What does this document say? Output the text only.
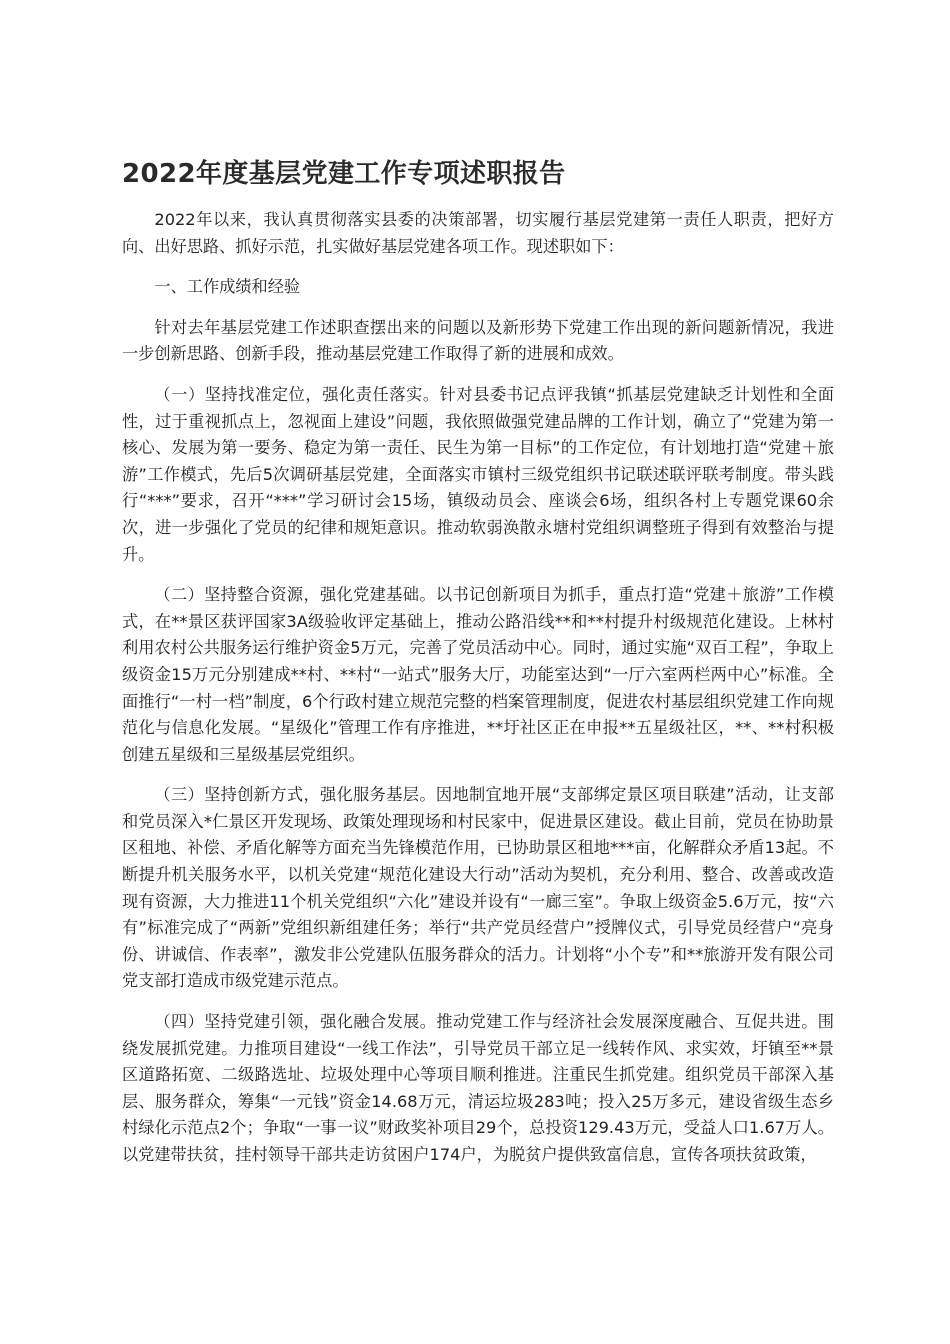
2022年度基层党建工作专项述职报告

2022年以来，我认真贯彻落实县委的决策部署，切实履行基层党建第一责任人职责，把好方向、出好思路、抓好示范，扎实做好基层党建各项工作。现述职如下：

一、工作成绩和经验

针对去年基层党建工作述职查摆出来的问题以及新形势下党建工作出现的新问题新情况，我进一步创新思路、创新手段，推动基层党建工作取得了新的进展和成效。

（一）坚持找准定位，强化责任落实。针对县委书记点评我镇“抓基层党建缺乏计划性和全面性，过于重视抓点上，忽视面上建设”问题，我依照做强党建品牌的工作计划，确立了“党建为第一核心、发展为第一要务、稳定为第一责任、民生为第一目标”的工作定位，有计划地打造“党建＋旅游”工作模式，先后5次调研基层党建，全面落实市镇村三级党组织书记联述联评联考制度。带头践行“***”要求，召开“***”学习研讨会15场，镇级动员会、座谈会6场，组织各村上专题党课60余次，进一步强化了党员的纪律和规矩意识。推动软弱涣散永塘村党组织调整班子得到有效整治与提升。

（二）坚持整合资源，强化党建基础。以书记创新项目为抓手，重点打造“党建＋旅游”工作模式，在**景区获评国家3A级验收评定基础上，推动公路沿线**和**村提升村级规范化建设。上林村利用农村公共服务运行维护资金5万元，完善了党员活动中心。同时，通过实施“双百工程”，争取上级资金15万元分别建成**村、**村“一站式”服务大厅，功能室达到“一厅六室两栏两中心”标准。全面推行“一村一档”制度，6个行政村建立规范完整的档案管理制度，促进农村基层组织党建工作向规范化与信息化发展。“星级化”管理工作有序推进，**圩社区正在申报**五星级社区，**、**村积极创建五星级和三星级基层党组织。

（三）坚持创新方式，强化服务基层。因地制宜地开展“支部绑定景区项目联建”活动，让支部和党员深入*仁景区开发现场、政策处理现场和村民家中，促进景区建设。截止目前，党员在协助景区租地、补偿、矛盾化解等方面充当先锋模范作用，已协助景区租地***亩，化解群众矛盾13起。不断提升机关服务水平，以机关党建“规范化建设大行动”活动为契机，充分利用、整合、改善或改造现有资源，大力推进11个机关党组织“六化”建设并设有“一廊三室”。争取上级资金5.6万元，按“六有”标准完成了“两新”党组织新组建任务；举行“共产党员经营户”授牌仪式，引导党员经营户“亮身份、讲诚信、作表率”，激发非公党建队伍服务群众的活力。计划将“小个专”和**旅游开发有限公司党支部打造成市级党建示范点。

（四）坚持党建引领，强化融合发展。推动党建工作与经济社会发展深度融合、互促共进。围绕发展抓党建。力推项目建设“一线工作法”，引导党员干部立足一线转作风、求实效，圩镇至**景区道路拓宽、二级路选址、垃圾处理中心等项目顺利推进。注重民生抓党建。组织党员干部深入基层、服务群众，筹集“一元钱”资金14.68万元，清运垃圾283吨；投入25万多元，建设省级生态乡村绿化示范点2个；争取“一事一议”财政奖补项目29个，总投资129.43万元，受益人口1.67万人。以党建带扶贫，挂村领导干部共走访贫困户174户，为脱贫户提供致富信息，宣传各项扶贫政策，
